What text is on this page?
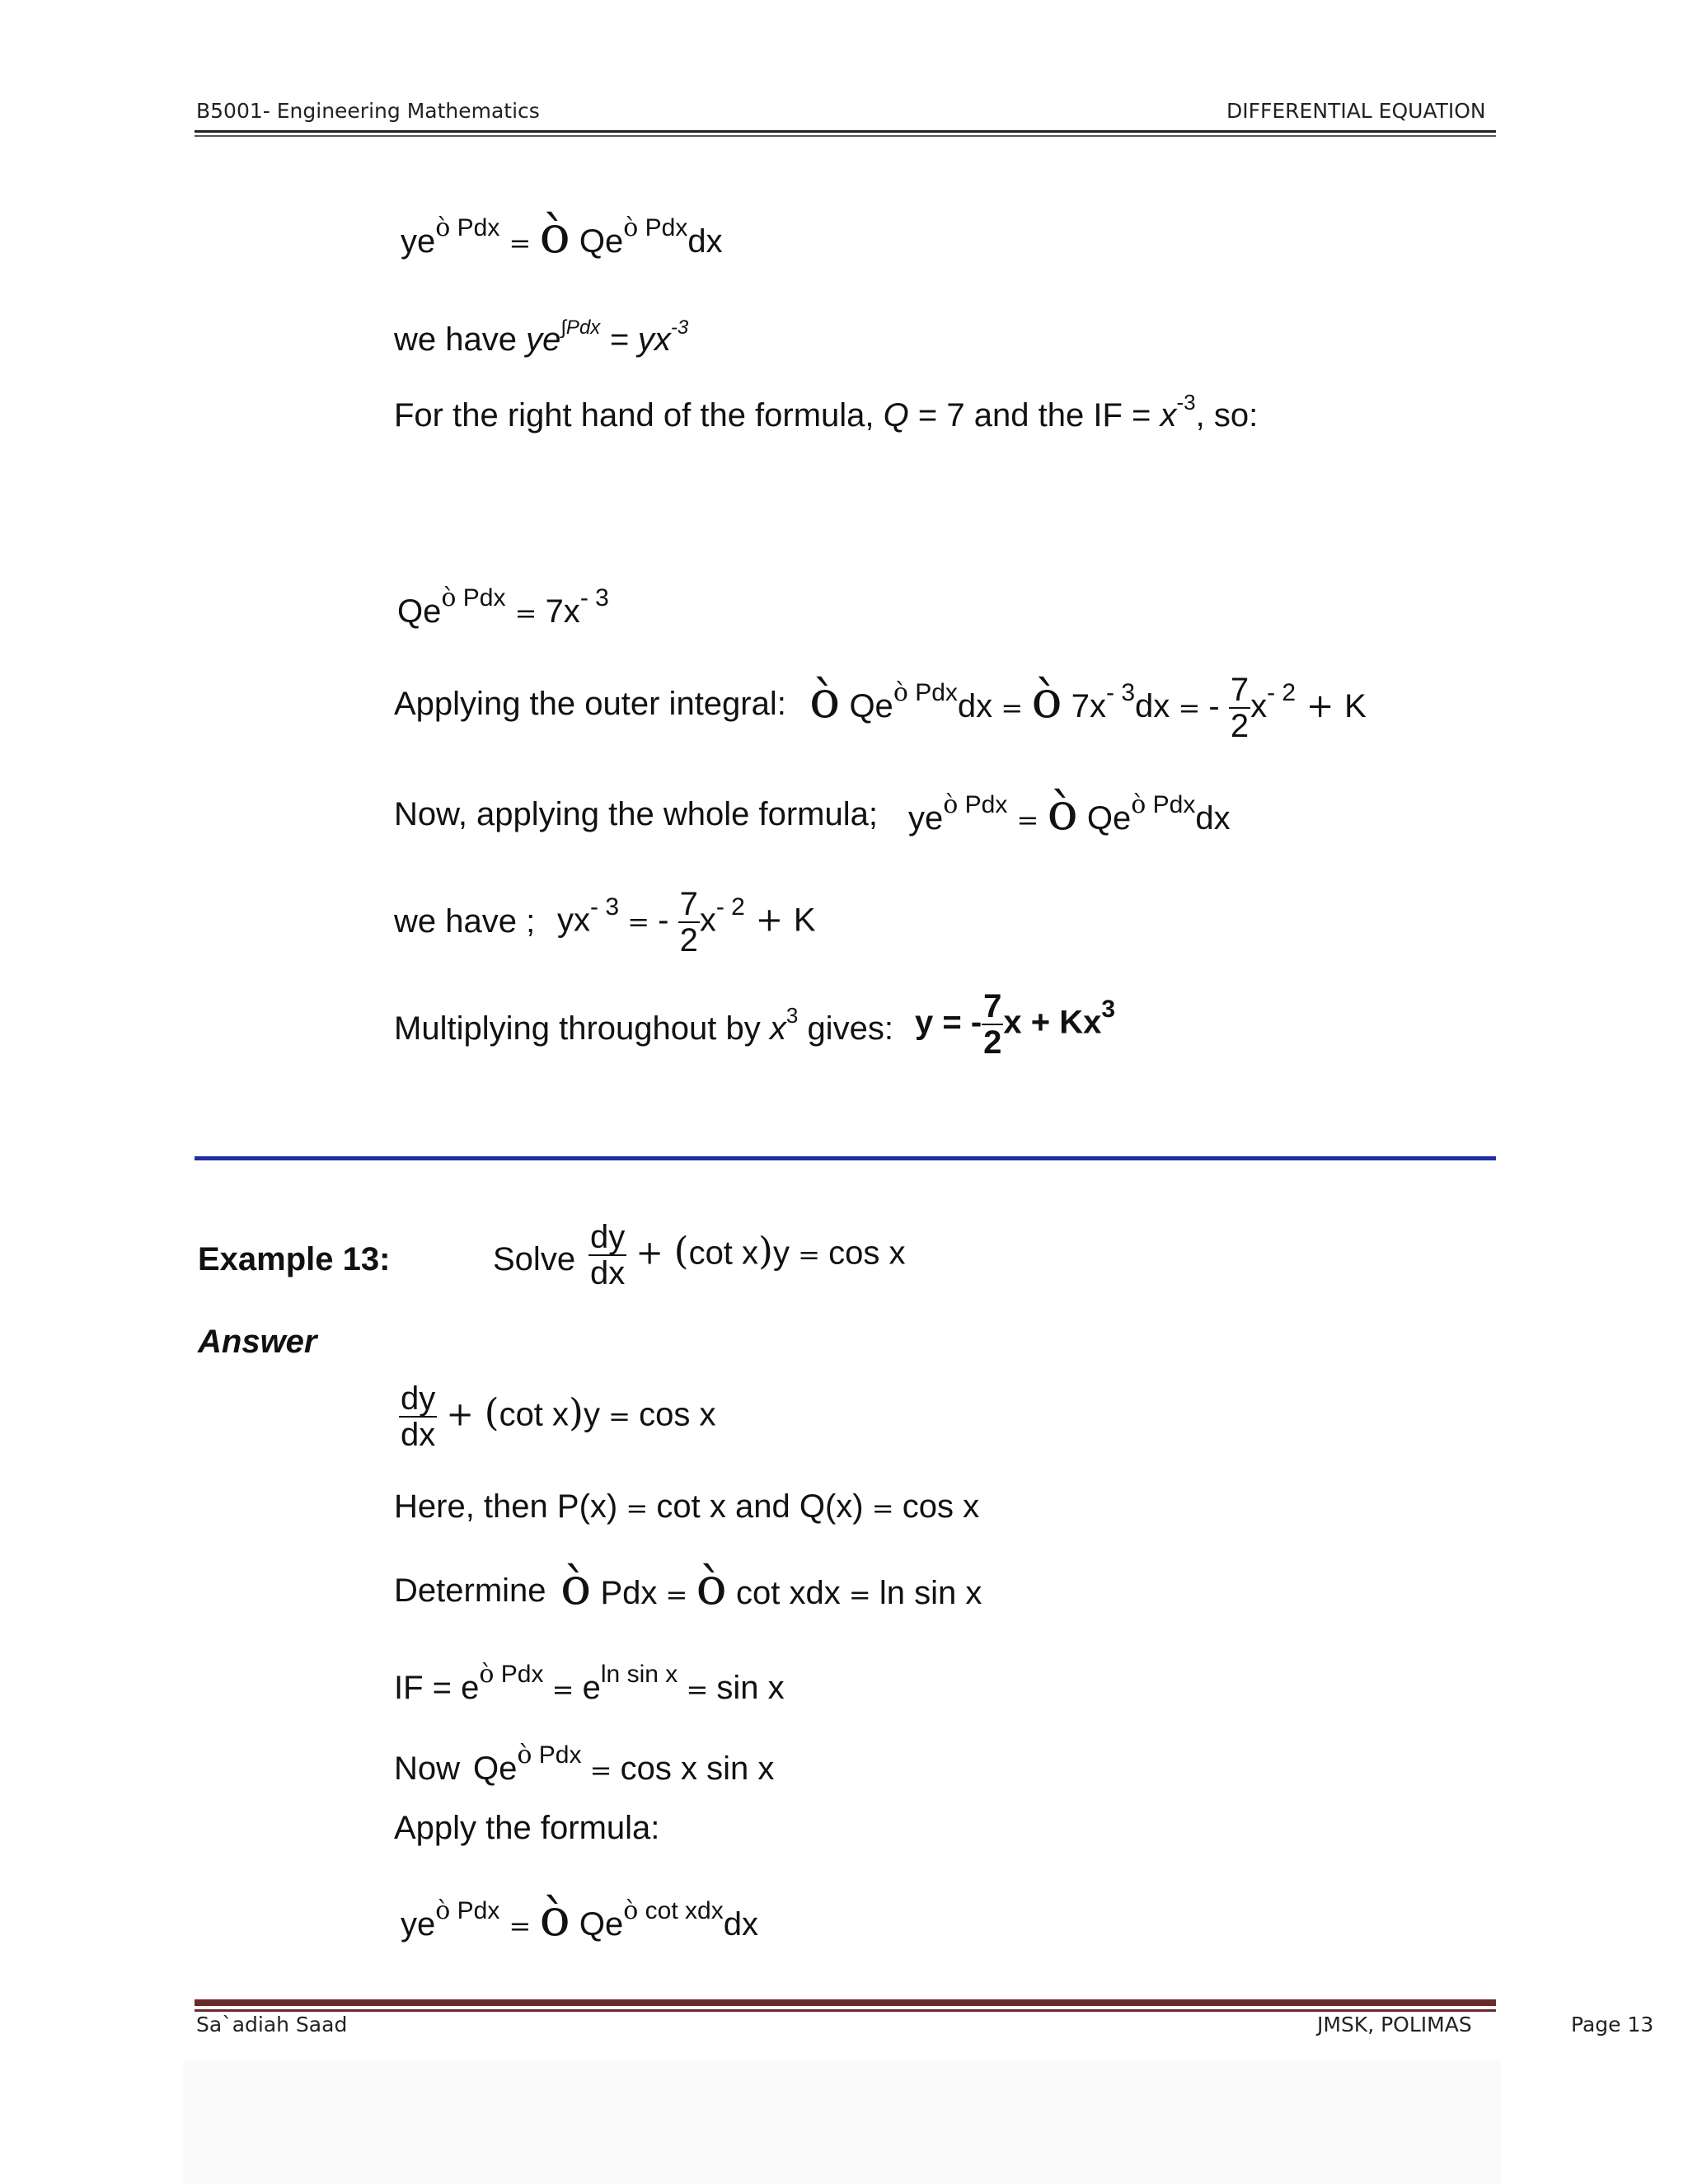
B5001- Engineering Mathematics	DIFFERENTIAL EQUATION
$ye^{ò Pdx}$ = ò $Qe^{ò Pdx}dx$
we have $ye^{\int Pdx} = yx^{-3}$
For the right hand of the formula, Q = 7 and the IF = $x^{-3}$, so:
$Qe^{ò Pdx} = 7x^{- 3}$
Applying the outer integral: ò $Qe^{ò Pdx}dx$ = ò $7x^{- 3}dx$ = - $\frac{7}{2} x^{- 2} + K$
Now, applying the whole formula; $ye^{ò Pdx}$ = ò $Qe^{ò Pdx}dx$
we have ; $yx^{- 3}$ = - $\frac{7}{2} x^{- 2} + K$
Multiplying throughout by $x^3$ gives: y = - $\frac{7}{2}$ $x + Kx^3$
Example 13:	Solve $\frac{dy}{dx} + (\cot$ x)y = cos x
Answer
$\frac{dy}{dx} + (\cot$ x)y = cos x
Here, then P(x) = cot x and Q(x) = cos x
Determine ò Pdx = ò cot xdx = ln sin x
IF = $e^{ò Pdx} = e^{ln sin x} = \sin x$
Now $Qe^{ò Pdx} = \cos x$ sin x
Apply the formula:
$ye^{ò Pdx}$ = ò $Qe^{ò cot xdx}dx$
Sa`adiah Saad	JMSK, POLIMAS	Page 13
